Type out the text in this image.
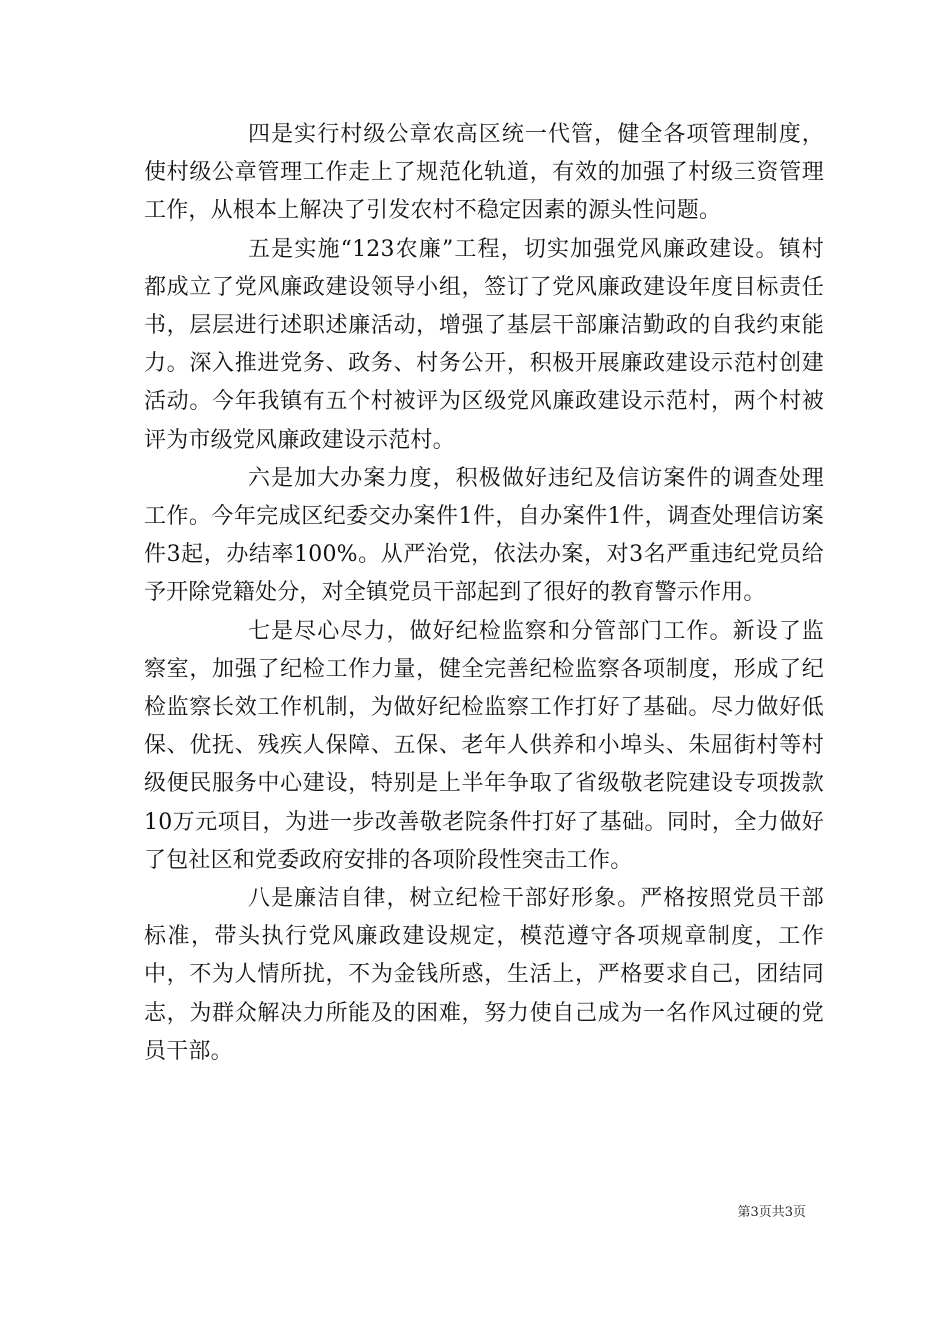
四是实行村级公章农高区统一代管，健全各项管理制度，使村级公章管理工作走上了规范化轨道，有效的加强了村级三资管理工作，从根本上解决了引发农村不稳定因素的源头性问题。

五是实施“123农廉”工程，切实加强党风廉政建设。镇村都成立了党风廉政建设领导小组，签订了党风廉政建设年度目标责任书，层层进行述职述廉活动，增强了基层干部廉洁勤政的自我约束能力。深入推进党务、政务、村务公开，积极开展廉政建设示范村创建活动。今年我镇有五个村被评为区级党风廉政建设示范村，两个村被评为市级党风廉政建设示范村。

六是加大办案力度，积极做好违纪及信访案件的调查处理工作。今年完成区纪委交办案件1件，自办案件1件，调查处理信访案件3起，办结率100%。从严治党，依法办案，对3名严重违纪党员给予开除党籍处分，对全镇党员干部起到了很好的教育警示作用。

七是尽心尽力，做好纪检监察和分管部门工作。新设了监察室，加强了纪检工作力量，健全完善纪检监察各项制度，形成了纪检监察长效工作机制，为做好纪检监察工作打好了基础。尽力做好低保、优抚、残疾人保障、五保、老年人供养和小埠头、朱屈街村等村级便民服务中心建设，特别是上半年争取了省级敬老院建设专项拨款10万元项目，为进一步改善敬老院条件打好了基础。同时，全力做好了包社区和党委政府安排的各项阶段性突击工作。

八是廉洁自律，树立纪检干部好形象。严格按照党员干部标准，带头执行党风廉政建设规定，模范遵守各项规章制度，工作中，不为人情所扰，不为金钱所惑，生活上，严格要求自己，团结同志，为群众解决力所能及的困难，努力使自己成为一名作风过硬的党员干部。

第3页共3页
